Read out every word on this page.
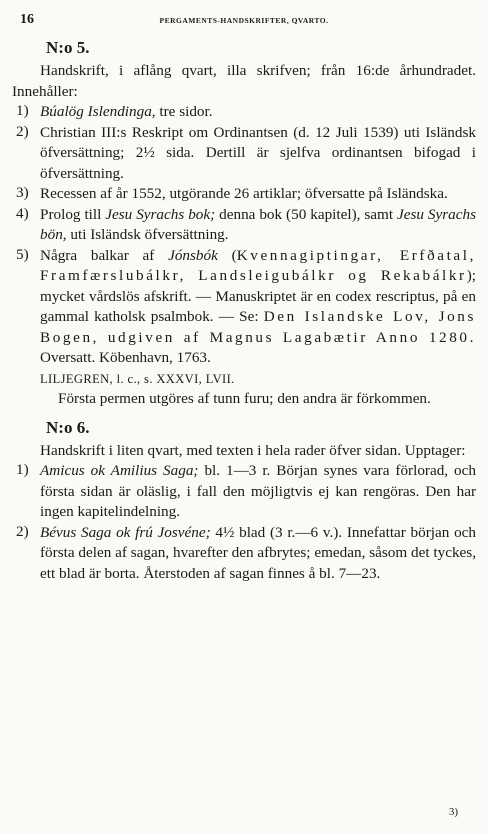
16	PERGAMENTS-HANDSKRIFTER, QVARTO.
N:o 5.

Handskrift, i aflång qvart, illa skrifven; från 16:de århundradet. Innehåller:

1) Búalög Islendinga, tre sidor.

2) Christian III:s Reskript om Ordinantsen (d. 12 Juli 1539) uti Isländsk öfversättning; 2½ sida. Dertill är sjelfva ordinantsen bifogad i öfversättning.

3) Recessen af år 1552, utgörande 26 artiklar; öfversatte på Isländska.

4) Prolog till Jesu Syrachs bok; denna bok (50 kapitel), samt Jesu Syrachs bön, uti Isländsk öfversättning.

5) Några balkar af Jónsbók (Kvennagiptingar, Erfðatal, Framfærslubálkr, Landsleigubálkr og Rekabálkr); mycket vårdslös afskrift. — Manuskriptet är en codex rescriptus, på en gammal katholsk psalmbok. — Se: Den Islandske Lov, Jons Bogen, udgiven af Magnus Lagabætir Anno 1280. Oversatt. Köbenhavn, 1763.

LILJEGREN, l. c., s. XXXVI, LVII.

Första permen utgöres af tunn furu; den andra är förkommen.

N:o 6.

Handskrift i liten qvart, med texten i hela rader öfver sidan. Upptager:

1) Amicus ok Amilius Saga; bl. 1—3 r. Början synes vara förlorad, och första sidan är oläslig, i fall den möjligtvis ej kan rengöras. Den har ingen kapitelindelning.

2) Bévus Saga ok frú Josvéne; 4½ blad (3 r.—6 v.). Innefattar början och första delen af sagan, hvarefter den afbrytes; emedan, såsom det tyckes, ett blad är borta. Återstoden af sagan finnes å bl. 7—23.

3)
